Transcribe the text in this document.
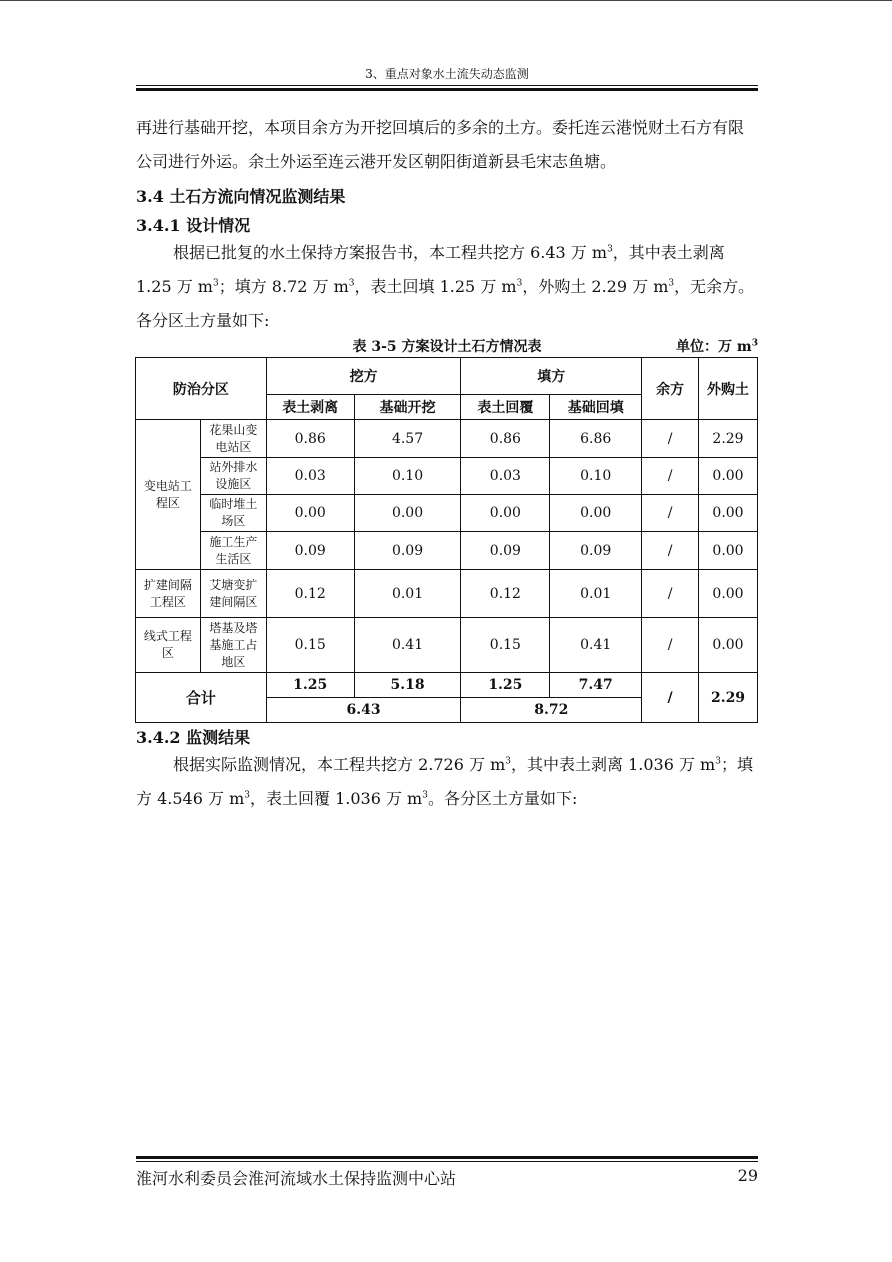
3、重点对象水土流失动态监测

再进行基础开挖，本项目余方为开挖回填后的多余的土方。委托连云港悦财土石方有限公司进行外运。余土外运至连云港开发区朝阳街道新县毛宋志鱼塘。

3.4 土石方流向情况监测结果

3.4.1 设计情况

根据已批复的水土保持方案报告书，本工程共挖方 6.43 万 $m^3$，其中表土剥离 1.25 万 $m^3$；填方 8.72 万 $m^3$，表土回填 1.25 万 $m^3$，外购土 2.29 万 $m^3$，无余方。各分区土方量如下:

表 3-5 方案设计土石方情况表	单位：万 $m^3$
防治分区		挖方		填方		余方	外购土
		表土剥离	基础开挖	表土回覆	基础回填		
变电站工程区	花果山变电站区	0.86	4.57	0.86	6.86	/	2.29
	站外排水设施区	0.03	0.10	0.03	0.10	/	0.00
	临时堆土场区	0.00	0.00	0.00	0.00	/	0.00
	施工生产生活区	0.09	0.09	0.09	0.09	/	0.00
扩建间隔工程区	艾塘变扩建间隔区	0.12	0.01	0.12	0.01	/	0.00
线式工程区	塔基及塔基施工占地区	0.15	0.41	0.15	0.41	/	0.00
合计		1.25	5.18	1.25	7.47	/	2.29
		6.43		8.72			

3.4.2 监测结果

根据实际监测情况，本工程共挖方 2.726 万 $m^3$，其中表土剥离 1.036 万 $m^3$；填方 4.546 万 $m^3$，表土回覆 1.036 万 $m^3$。各分区土方量如下:

淮河水利委员会淮河流域水土保持监测中心站	29
